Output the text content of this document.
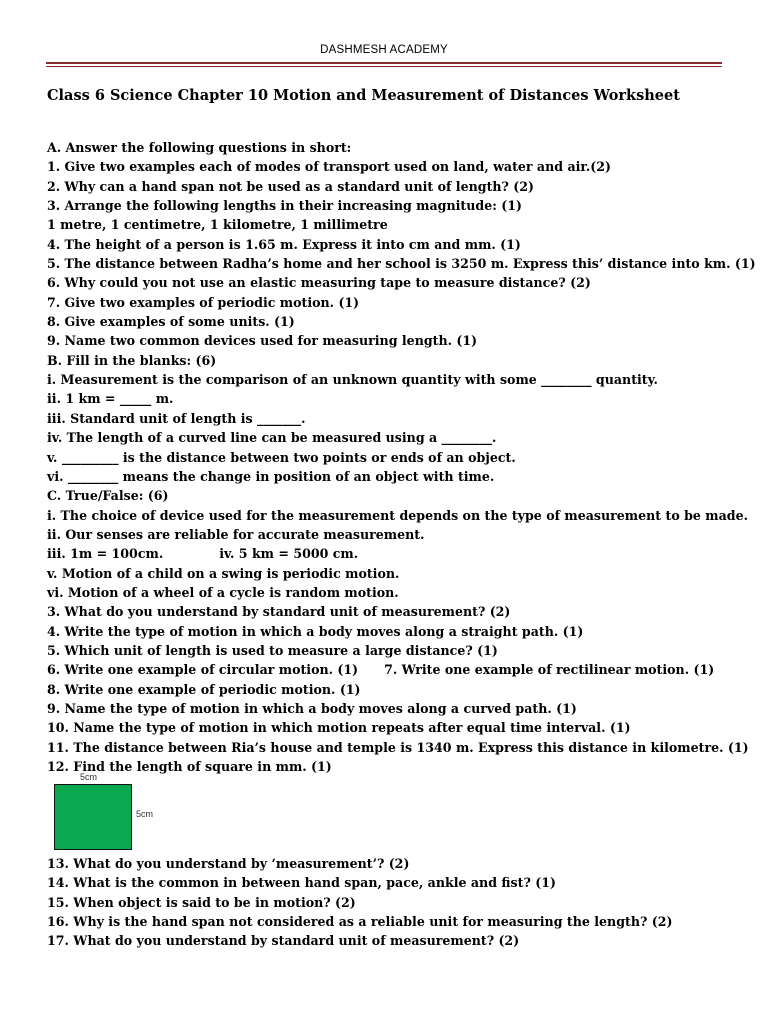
DASHMESH ACADEMY
Class 6 Science Chapter 10 Motion and Measurement of Distances Worksheet
A. Answer the following questions in short:
1. Give two examples each of modes of transport used on land, water and air.(2)
2. Why can a hand span not be used as a standard unit of length? (2)
3. Arrange the following lengths in their increasing magnitude: (1)
1 metre, 1 centimetre, 1 kilometre, 1 millimetre
4. The height of a person is 1.65 m. Express it into cm and mm. (1)
5. The distance between Radha’s home and her school is 3250 m. Express this’ distance into km. (1)
6. Why could you not use an elastic measuring tape to measure distance? (2)
7. Give two examples of periodic motion. (1)
8. Give examples of some units. (1)
9. Name two common devices used for measuring length. (1)
B. Fill in the blanks: (6)
i. Measurement is the comparison of an unknown quantity with some ________ quantity.
ii. 1 km = _____ m.
iii. Standard unit of length is _______.
iv. The length of a curved line can be measured using a ________.
v. _________ is the distance between two points or ends of an object.
vi. ________ means the change in position of an object with time.
C. True/False: (6)
i. The choice of device used for the measurement depends on the type of measurement to be made.
ii. Our senses are reliable for accurate measurement.
iii. 1m = 100cm.	iv. 5 km = 5000 cm.
v. Motion of a child on a swing is periodic motion.
vi. Motion of a wheel of a cycle is random motion.
3. What do you understand by standard unit of measurement? (2)
4. Write the type of motion in which a body moves along a straight path. (1)
5. Which unit of length is used to measure a large distance? (1)
6. Write one example of circular motion. (1) 7. Write one example of rectilinear motion. (1)
8. Write one example of periodic motion. (1)
9. Name the type of motion in which a body moves along a curved path. (1)
10. Name the type of motion in which motion repeats after equal time interval. (1)
11. The distance between Ria’s house and temple is 1340 m. Express this distance in kilometre. (1)
12. Find the length of square in mm. (1)
5cm
5cm
13. What do you understand by ‘measurement’? (2)
14. What is the common in between hand span, pace, ankle and fist? (1)
15. When object is said to be in motion? (2)
16. Why is the hand span not considered as a reliable unit for measuring the length? (2)
17. What do you understand by standard unit of measurement? (2)
